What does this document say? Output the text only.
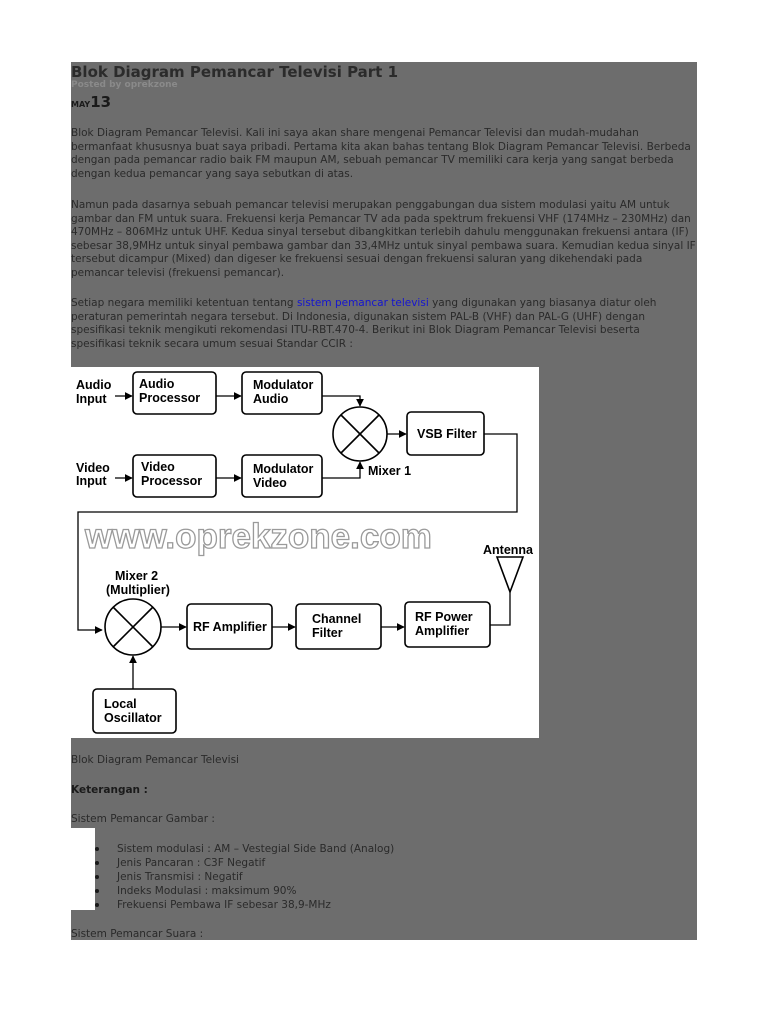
Blok Diagram Pemancar Televisi Part 1
Posted by oprekzone
MAY13

Blok Diagram Pemancar Televisi. Kali ini saya akan share mengenai Pemancar Televisi dan mudah-mudahan bermanfaat khususnya buat saya pribadi. Pertama kita akan bahas tentang Blok Diagram Pemancar Televisi. Berbeda dengan pada pemancar radio baik FM maupun AM, sebuah pemancar TV memiliki cara kerja yang sangat berbeda dengan kedua pemancar yang saya sebutkan di atas.

Namun pada dasarnya sebuah pemancar televisi merupakan penggabungan dua sistem modulasi yaitu AM untuk gambar dan FM untuk suara. Frekuensi kerja Pemancar TV ada pada spektrum frekuensi VHF (174MHz – 230MHz) dan 470MHz – 806MHz untuk UHF. Kedua sinyal tersebut dibangkitkan terlebih dahulu menggunakan frekuensi antara (IF) sebesar 38,9MHz untuk sinyal pembawa gambar dan 33,4MHz untuk sinyal pembawa suara. Kemudian kedua sinyal IF tersebut dicampur (Mixed) dan digeser ke frekuensi sesuai dengan frekuensi saluran yang dikehendaki pada pemancar televisi (frekuensi pemancar).

Setiap negara memiliki ketentuan tentang sistem pemancar televisi yang digunakan yang biasanya diatur oleh peraturan pemerintah negara tersebut. Di Indonesia, digunakan sistem PAL-B (VHF) dan PAL-G (UHF) dengan spesifikasi teknik mengikuti rekomendasi ITU-RBT.470-4. Berikut ini Blok Diagram Pemancar Televisi beserta spesifikasi teknik secara umum sesuai Standar CCIR :

Audio
Input
Video
Input
Audio
Processor
Video
Processor
Modulator
Audio
Modulator
Video
Mixer 1
VSB Filter
www.oprekzone.com
Mixer 2
(Multiplier)
RF Amplifier
Channel
Filter
RF Power
Amplifier
Antenna
Local
Oscillator
Blok Diagram Pemancar Televisi
Keterangan :
Sistem Pemancar Gambar :
Sistem modulasi : AM – Vestegial Side Band (Analog)
Jenis Pancaran : C3F Negatif
Jenis Transmisi : Negatif
Indeks Modulasi : maksimum 90%
Frekuensi Pembawa IF sebesar 38,9-MHz
Sistem Pemancar Suara :
